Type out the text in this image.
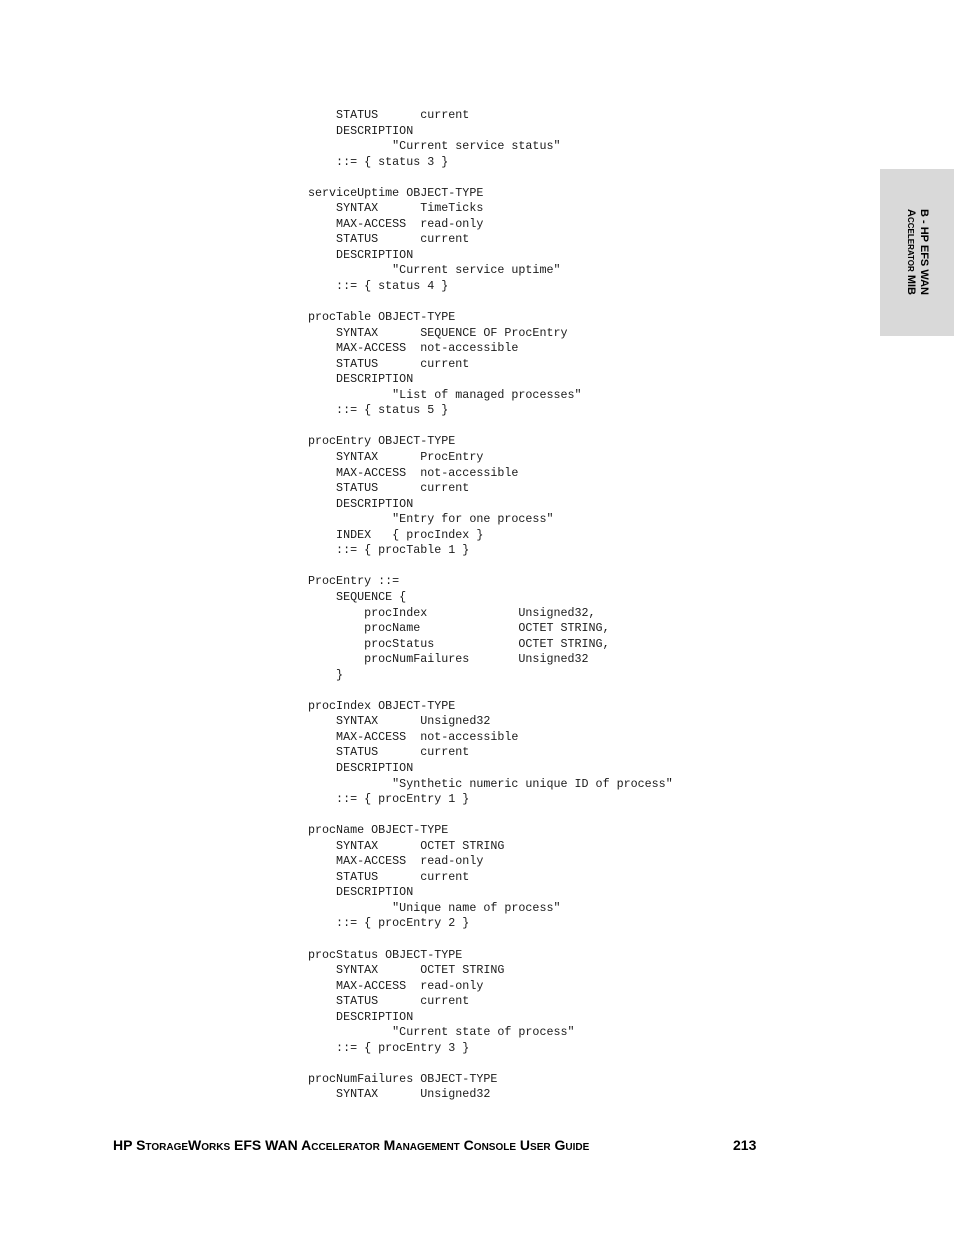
B - HP EFS WAN
Accelerator MIB
STATUS      current
DESCRIPTION
"Current service status"
::= { status 3 }
serviceUptime OBJECT-TYPE
SYNTAX      TimeTicks
MAX-ACCESS  read-only
STATUS      current
DESCRIPTION
"Current service uptime"
::= { status 4 }
procTable OBJECT-TYPE
SYNTAX      SEQUENCE OF ProcEntry
MAX-ACCESS  not-accessible
STATUS      current
DESCRIPTION
"List of managed processes"
::= { status 5 }
procEntry OBJECT-TYPE
SYNTAX      ProcEntry
MAX-ACCESS  not-accessible
STATUS      current
DESCRIPTION
"Entry for one process"
INDEX   { procIndex }
::= { procTable 1 }
ProcEntry ::=
SEQUENCE {
procIndex             Unsigned32,
procName              OCTET STRING,
procStatus            OCTET STRING,
procNumFailures       Unsigned32
}
procIndex OBJECT-TYPE
SYNTAX      Unsigned32
MAX-ACCESS  not-accessible
STATUS      current
DESCRIPTION
"Synthetic numeric unique ID of process"
::= { procEntry 1 }
procName OBJECT-TYPE
SYNTAX      OCTET STRING
MAX-ACCESS  read-only
STATUS      current
DESCRIPTION
"Unique name of process"
::= { procEntry 2 }
procStatus OBJECT-TYPE
SYNTAX      OCTET STRING
MAX-ACCESS  read-only
STATUS      current
DESCRIPTION
"Current state of process"
::= { procEntry 3 }
procNumFailures OBJECT-TYPE
SYNTAX      Unsigned32
HP StorageWorks EFS WAN Accelerator Management Console User Guide	213
